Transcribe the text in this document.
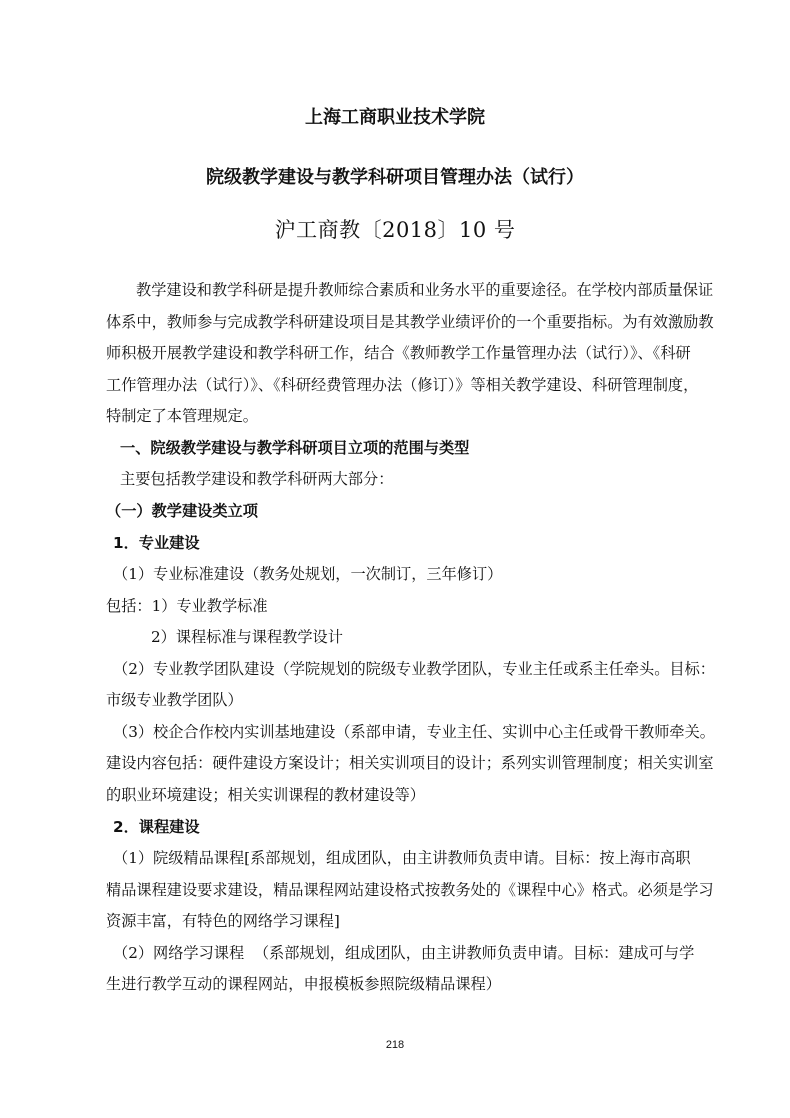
上海工商职业技术学院
院级教学建设与教学科研项目管理办法（试行）
沪工商教〔2018〕10 号
教学建设和教学科研是提升教师综合素质和业务水平的重要途径。在学校内部质量保证
体系中，教师参与完成教学科研建设项目是其教学业绩评价的一个重要指标。为有效激励教
师积极开展教学建设和教学科研工作，结合《教师教学工作量管理办法（试行）》、《科研
工作管理办法（试行）》、《科研经费管理办法（修订）》等相关教学建设、科研管理制度，
特制定了本管理规定。
一、院级教学建设与教学科研项目立项的范围与类型
主要包括教学建设和教学科研两大部分：
（一）教学建设类立项
1．专业建设
（1）专业标准建设（教务处规划，一次制订，三年修订）
包括：1）专业教学标准
2）课程标准与课程教学设计
（2）专业教学团队建设（学院规划的院级专业教学团队，专业主任或系主任牵头。目标：
市级专业教学团队）
（3）校企合作校内实训基地建设（系部申请，专业主任、实训中心主任或骨干教师牵关。
建设内容包括：硬件建设方案设计；相关实训项目的设计；系列实训管理制度；相关实训室
的职业环境建设；相关实训课程的教材建设等）
2．课程建设
（1）院级精品课程[系部规划，组成团队，由主讲教师负责申请。目标：按上海市高职
精品课程建设要求建设，精品课程网站建设格式按教务处的《课程中心》格式。必须是学习
资源丰富，有特色的网络学习课程]
（2）网络学习课程  （系部规划，组成团队，由主讲教师负责申请。目标：建成可与学
生进行教学互动的课程网站，申报模板参照院级精品课程）
218
